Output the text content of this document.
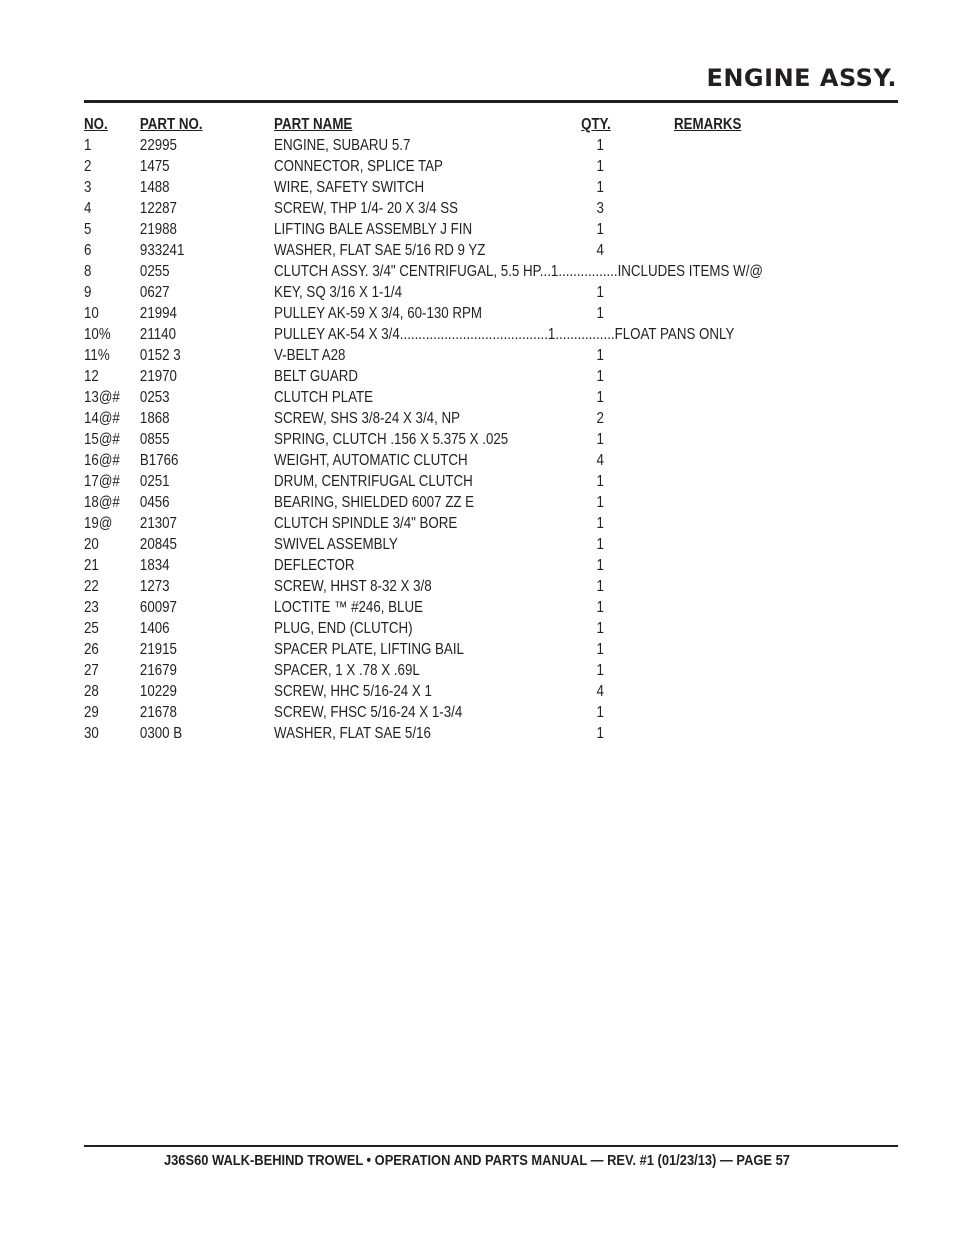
ENGINE ASSY.
NO. PART NO.	PART NAME	QTY.	REMARKS
1	22995	ENGINE, SUBARU 5.7	1
2	1475	CONNECTOR, SPLICE TAP	1
3	1488	WIRE, SAFETY SWITCH	1
4	12287	SCREW, THP 1/4- 20 X 3/4 SS	3
5	21988	LIFTING BALE ASSEMBLY J FIN	1
6	933241	WASHER, FLAT SAE 5/16 RD 9 YZ	4
8	0255	CLUTCH ASSY. 3/4" CENTRIFUGAL, 5.5 HP...1................INCLUDES ITEMS W/@
9	0627	KEY, SQ 3/16 X 1-1/4	1
10	21994	PULLEY AK-59 X 3/4, 60-130 RPM	1
10% 21140	PULLEY AK-54 X 3/4........................................1................FLOAT PANS ONLY
11% 0152 3	V-BELT A28	1
12	21970	BELT GUARD	1
13@# 0253	CLUTCH PLATE	1
14@# 1868	SCREW, SHS 3/8-24 X 3/4, NP	2
15@# 0855	SPRING, CLUTCH .156 X 5.375 X .025	1
16@# B1766	WEIGHT, AUTOMATIC CLUTCH	4
17@# 0251	DRUM, CENTRIFUGAL CLUTCH	1
18@# 0456	BEARING, SHIELDED 6007 ZZ E	1
19@ 21307	CLUTCH SPINDLE 3/4" BORE	1
20	20845	SWIVEL ASSEMBLY	1
21	1834	DEFLECTOR	1
22	1273	SCREW, HHST 8-32 X 3/8	1
23	60097	LOCTITE ™ #246, BLUE	1
25	1406	PLUG, END (CLUTCH)	1
26	21915	SPACER PLATE, LIFTING BAIL	1
27	21679	SPACER, 1 X .78 X .69L	1
28	10229	SCREW, HHC 5/16-24 X 1	4
29	21678	SCREW, FHSC 5/16-24 X 1-3/4	1
30	0300 B	WASHER, FLAT SAE 5/16	1
J36S60 WALK-BEHIND TROWEL • OPERATION AND PARTS MANUAL — REV. #1 (01/23/13) — PAGE 57
